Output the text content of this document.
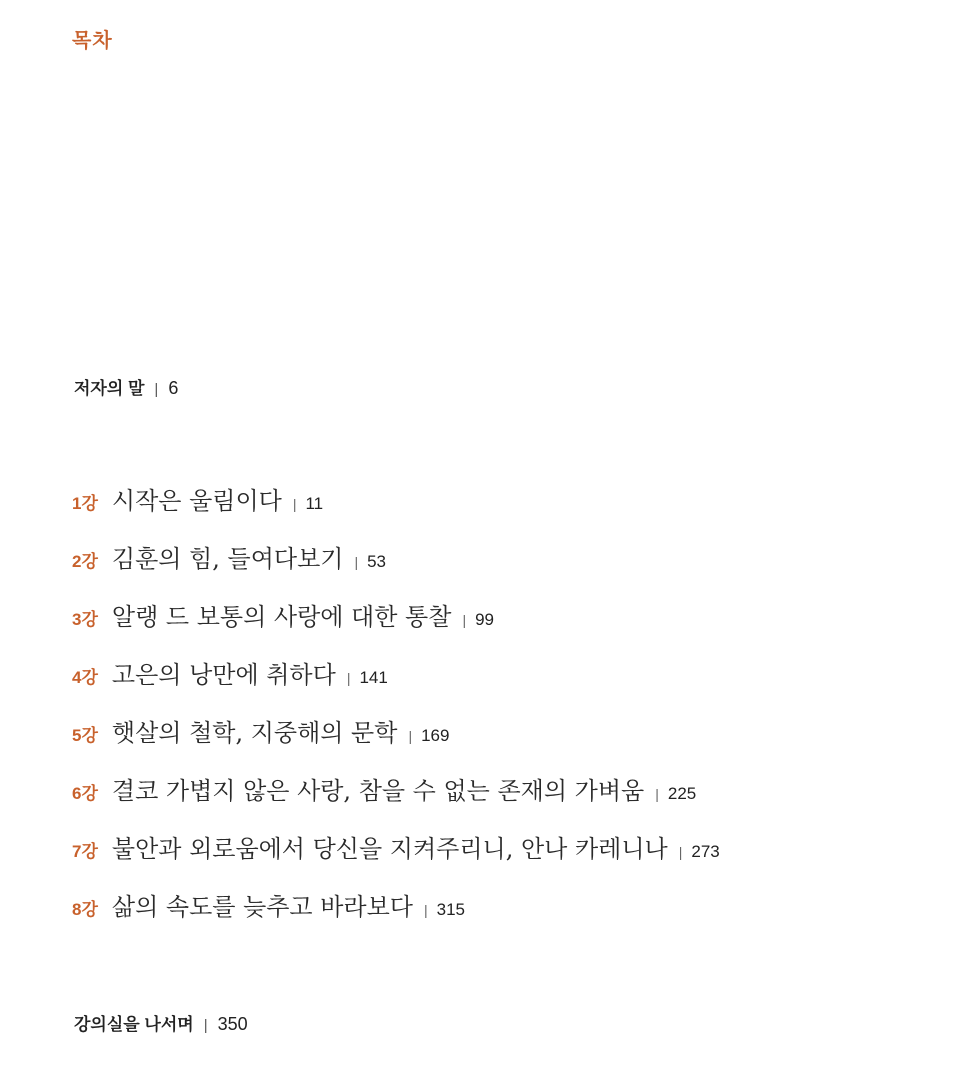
목차
저자의 말 | 6
1강 시작은 울림이다 | 11
2강 김훈의 힘, 들여다보기 | 53
3강 알랭 드 보통의 사랑에 대한 통찰 | 99
4강 고은의 낭만에 취하다 | 141
5강 햇살의 철학, 지중해의 문학 | 169
6강 결코 가볍지 않은 사랑, 참을 수 없는 존재의 가벼움 | 225
7강 불안과 외로움에서 당신을 지켜주리니, 안나 카레니나 | 273
8강 삶의 속도를 늦추고 바라보다 | 315
강의실을 나서며 | 350
